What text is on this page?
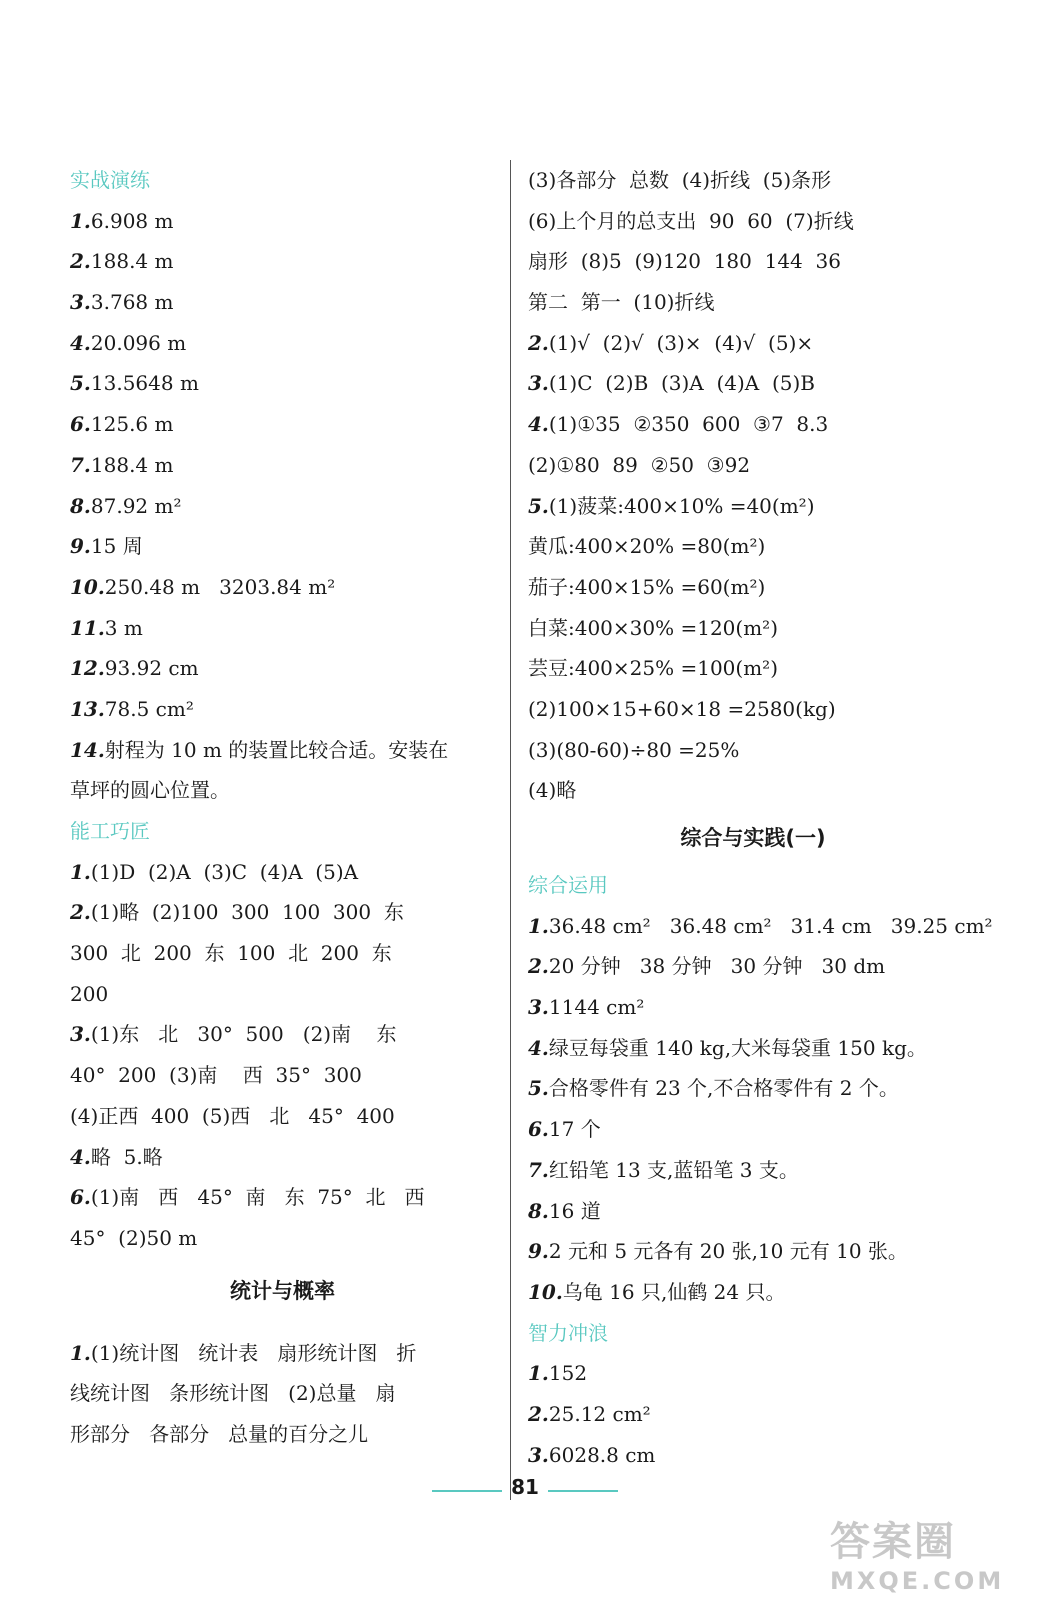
实战演练
1.6.908 m
2.188.4 m
3.3.768 m
4.20.096 m
5.13.5648 m
6.125.6 m
7.188.4 m
8.87.92 m²
9.15 周
10.250.48 m   3203.84 m²
11.3 m
12.93.92 cm
13.78.5 cm²
14.射程为 10 m 的装置比较合适。安装在
草坪的圆心位置。
能工巧匠
1.(1)D  (2)A  (3)C  (4)A  (5)A
2.(1)略  (2)100  300  100  300  东
300  北  200  东  100  北  200  东
200
3.(1)东   北   30°  500   (2)南    东
40°  200  (3)南    西  35°  300
(4)正西  400  (5)西   北   45°  400
4.略  5.略
6.(1)南   西   45°  南   东  75°  北   西
45°  (2)50 m
统计与概率
1.(1)统计图   统计表   扇形统计图   折
线统计图   条形统计图   (2)总量   扇
形部分   各部分   总量的百分之儿
(3)各部分  总数  (4)折线  (5)条形
(6)上个月的总支出  90  60  (7)折线
扇形  (8)5  (9)120  180  144  36
第二  第一  (10)折线
2.(1)√  (2)√  (3)×  (4)√  (5)×
3.(1)C  (2)B  (3)A  (4)A  (5)B
4.(1)①35  ②350  600  ③7  8.3
(2)①80  89  ②50  ③92
5.(1)菠菜:400×10% =40(m²)
黄瓜:400×20% =80(m²)
茄子:400×15% =60(m²)
白菜:400×30% =120(m²)
芸豆:400×25% =100(m²)
(2)100×15+60×18 =2580(kg)
(3)(80-60)÷80 =25%
(4)略
综合与实践(一)
综合运用
1.36.48 cm²   36.48 cm²   31.4 cm   39.25 cm²
2.20 分钟   38 分钟   30 分钟   30 dm
3.1144 cm²
4.绿豆每袋重 140 kg,大米每袋重 150 kg。
5.合格零件有 23 个,不合格零件有 2 个。
6.17 个
7.红铅笔 13 支,蓝铅笔 3 支。
8.16 道
9.2 元和 5 元各有 20 张,10 元有 10 张。
10.乌龟 16 只,仙鹤 24 只。
智力冲浪
1.152
2.25.12 cm²
3.6028.8 cm
81
答案圈
MXQE.COM
